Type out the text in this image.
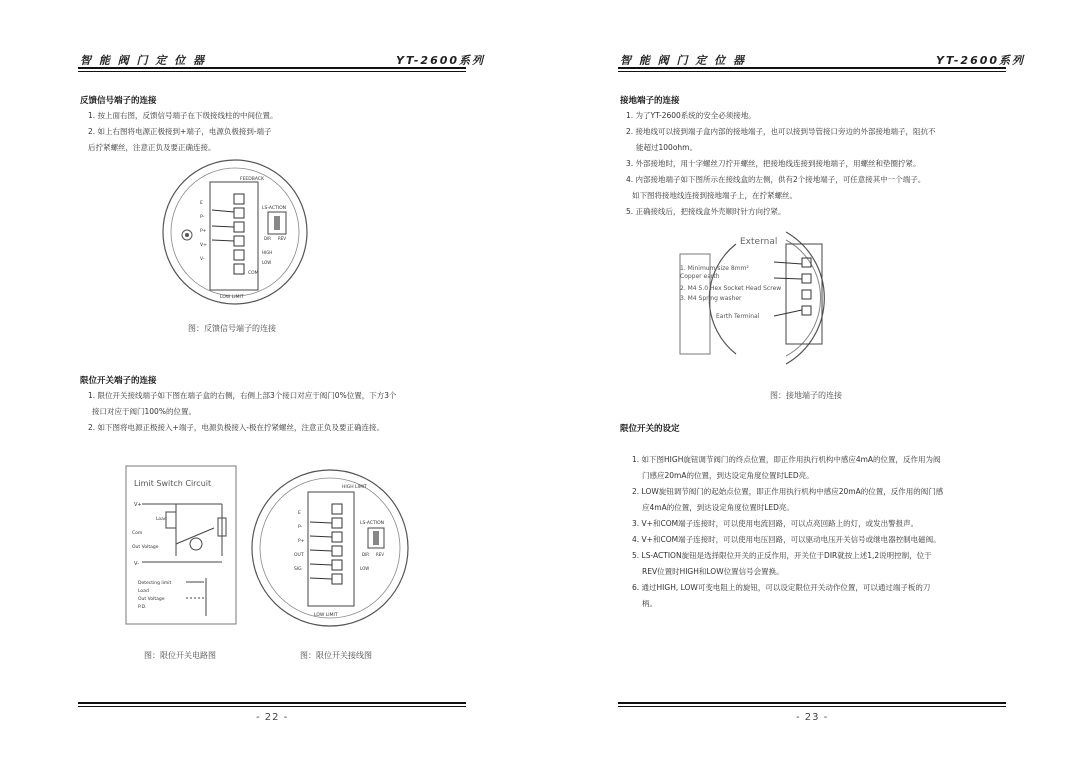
智 能 阀 门 定 位 器	YT-2600系列
反馈信号端子的连接
1. 按上面右图，反馈信号端子在下级接线柱的中间位置。
2. 如上右图将电源正极接到+端子，电源负极接到-端子
后拧紧螺丝，注意正负及要正确连接。
FEEDBACK
LS-ACTION
DIR REV
HIGH
LOW
LOW LIMIT
E
P-
P+
V+
V-
COM
图：反馈信号端子的连接
限位开关端子的连接
1. 限位开关接线端子如下图在端子盒的右侧，右侧上部3个接口对应于阀门0%位置，下方3个
接口对应于阀门100%的位置。
2. 如下图将电源正极接入+端子，电源负极接入-极在拧紧螺丝，注意正负及要正确连接。
Limit Switch Circuit
V+
Load
Com
Out Voltage
V-
Detecting limit
Load
Out Voltage
P.D.
图：限位开关电路图
HIGH LIMIT
LS-ACTION
DIR REV
LOW
E
P-
P+
OUT
SIG
LOW LIMIT
图：限位开关接线图
- 22 -
智 能 阀 门 定 位 器	YT-2600系列
接地端子的连接
1. 为了YT-2600系统的安全必须接地。
2. 接地线可以接到端子盒内部的接地端子，也可以接到导管接口旁边的外部接地端子，阻抗不
能超过100ohm。
3. 外部接地时，用十字螺丝刀拧开螺丝，把接地线连接到接地端子，用螺丝和垫圈拧紧。
4. 内部接地端子如下图所示在接线盒的左侧，供有2个接地端子，可任意接其中一个端子。
如下图将接地线连接到接地端子上，在拧紧螺丝。
5. 正确接线后，把接线盒外壳顺时针方向拧紧。
External
1. Minimum size 8mm²
Copper earth
2. M4 5.0 Hex Socket Head Screw
3. M4 Spring washer
Earth Terminal
图：接地端子的连接
限位开关的设定
1. 如下图HIGH旋钮调节阀门的终点位置，即正作用执行机构中感应4mA的位置，反作用为阀
门感应20mA的位置，到达设定角度位置时LED亮。
2. LOW旋钮调节阀门的起始点位置，即正作用执行机构中感应20mA的位置，反作用的阀门感
应4mA的位置，到达设定角度位置时LED亮。
3. V+和COM端子连接时，可以使用电流回路，可以点亮回路上的灯，或发出警报声。
4. V+和COM端子连接时，可以使用电压回路，可以驱动电压开关信号或继电器控制电磁阀。
5. LS-ACTION旋钮是选择限位开关的正反作用，开关位于DIR就按上述1,2说明控制，位于
REV位置时HIGH和LOW位置信号会置换。
6. 通过HIGH, LOW可变电阻上的旋钮，可以设定限位开关动作位置，可以通过端子板的刀
柄。
- 23 -
